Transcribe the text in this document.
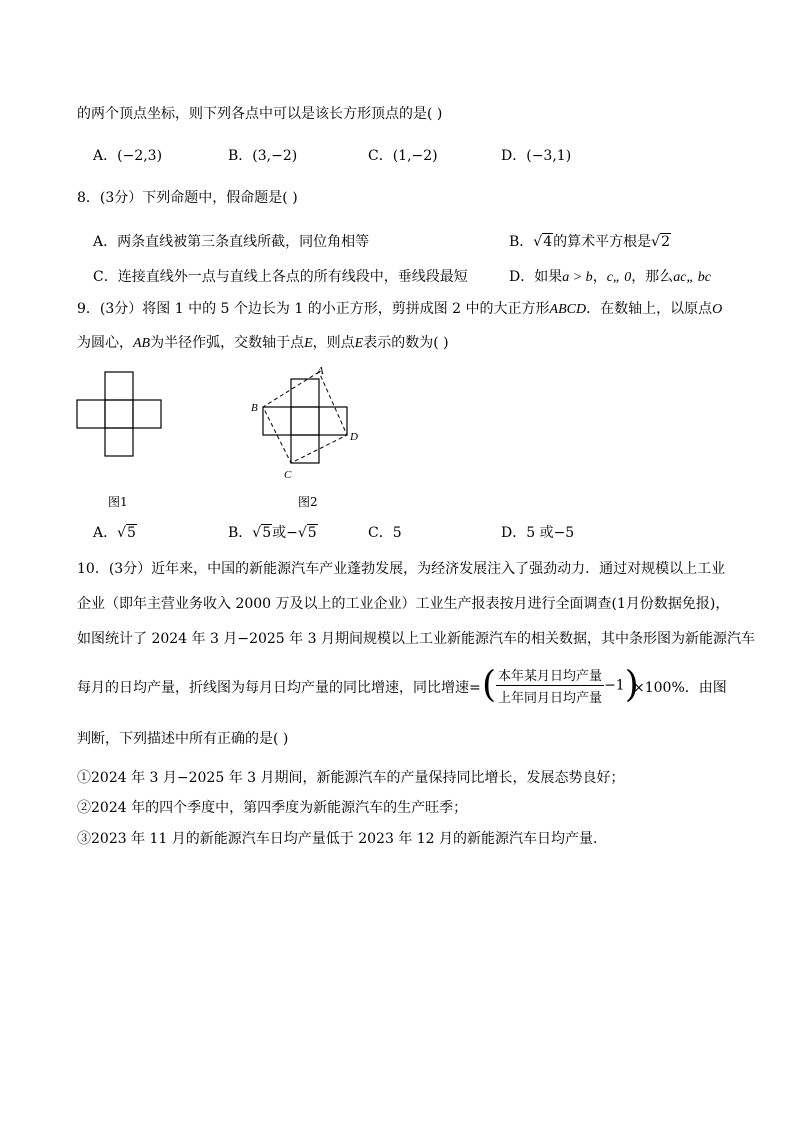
的两个顶点坐标，则下列各点中可以是该长方形顶点的是( )
A．(−2,3)	B．(3,−2)	C．(1,−2)	D．(−3,1)
8．(3分）下列命题中，假命题是( )
A．两条直线被第三条直线所截，同位角相等	B．√4的算术平方根是√2
C．连接直线外一点与直线上各点的所有线段中，垂线段最短	D．如果a > b，c„ 0，那么ac„ bc
9．(3分）将图 1 中的 5 个边长为 1 的小正方形，剪拼成图 2 中的大正方形ABCD．在数轴上，以原点O
为圆心，AB为半径作弧，交数轴于点E，则点E表示的数为( )
图1
A
B
C
D
图2
A．√5	B．√5或−√5	C．5	D．5 或−5
10．(3分）近年来，中国的新能源汽车产业蓬勃发展，为经济发展注入了强劲动力．通过对规模以上工业
企业（即年主营业务收入 2000 万及以上的工业企业）工业生产报表按月进行全面调查(1月份数据免报)，
如图统计了 2024 年 3 月−2025 年 3 月期间规模以上工业新能源汽车的相关数据，其中条形图为新能源汽车
每月的日均产量，折线图为每月日均产量的同比增速，同比增速= ( $\frac{\text{本年某月日均产量}}{\text{上年同月日均产量}} -1$)
×100%．由图
判断，下列描述中所有正确的是( )
①2024 年 3 月−2025 年 3 月期间，新能源汽车的产量保持同比增长，发展态势良好；
②2024 年的四个季度中，第四季度为新能源汽车的生产旺季；
③2023 年 11 月的新能源汽车日均产量低于 2023 年 12 月的新能源汽车日均产量．
